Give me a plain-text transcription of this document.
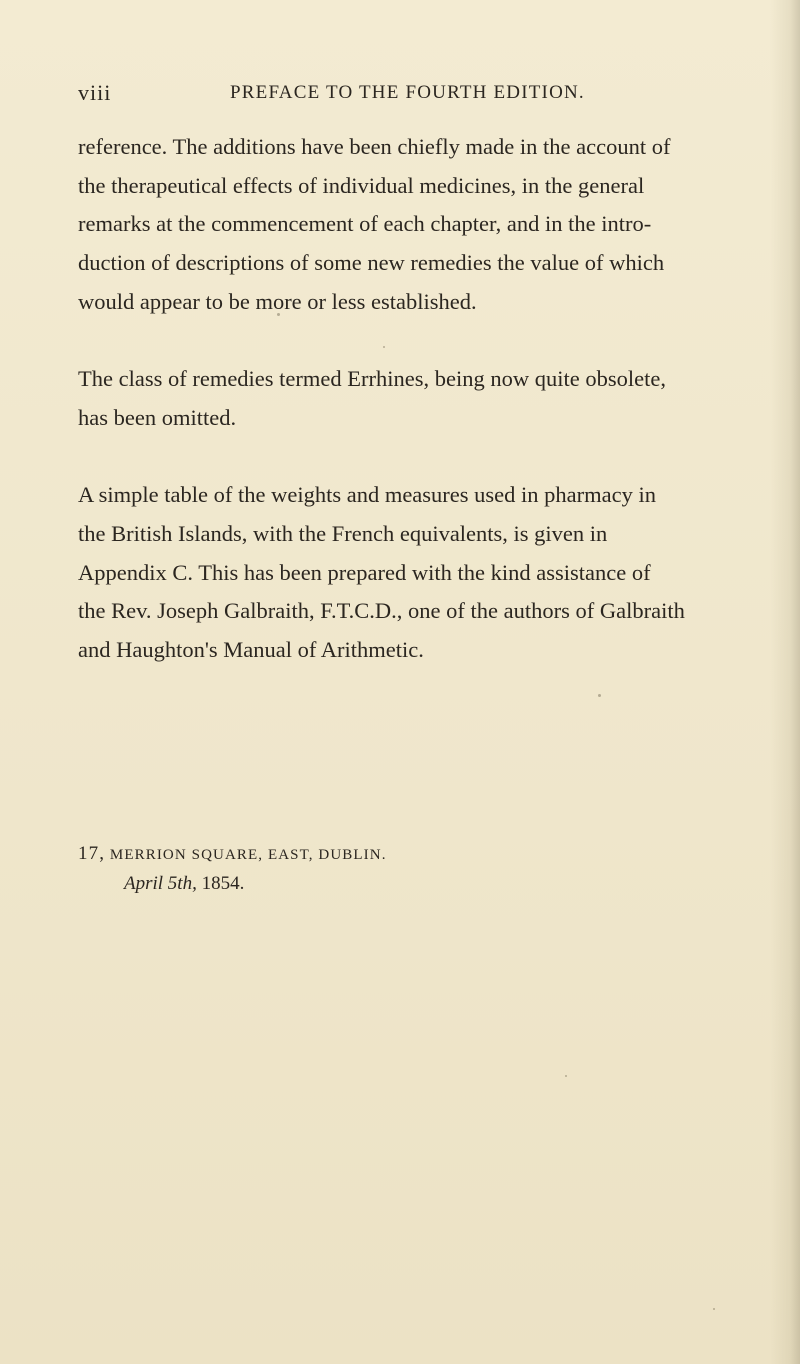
viii	PREFACE TO THE FOURTH EDITION.

reference. The additions have been chiefly made in the account of
the therapeutical effects of individual medicines, in the general
remarks at the commencement of each chapter, and in the intro-
duction of descriptions of some new remedies the value of which
would appear to be more or less established.

The class of remedies termed Errhines, being now quite obsolete,
has been omitted.

A simple table of the weights and measures used in pharmacy in
the British Islands, with the French equivalents, is given in
Appendix C. This has been prepared with the kind assistance of
the Rev. Joseph Galbraith, F.T.C.D., one of the authors of Galbraith
and Haughton's Manual of Arithmetic.

17, MERRION SQUARE, EAST, DUBLIN.
April 5th, 1854.
